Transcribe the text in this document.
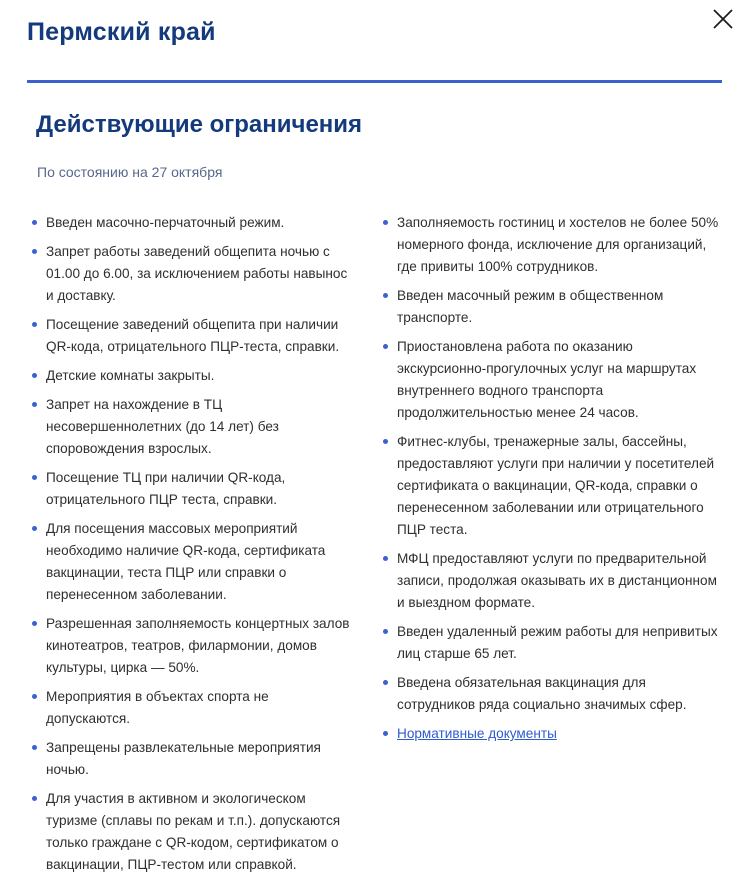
Пермский край
Действующие ограничения
По состоянию на 27 октября
Введен масочно-перчаточный режим.
Запрет работы заведений общепита ночью с 01.00 до 6.00, за исключением работы навынос и доставку.
Посещение заведений общепита при наличии QR-кода, отрицательного ПЦР-теста, справки.
Детские комнаты закрыты.
Запрет на нахождение в ТЦ несовершеннолетних (до 14 лет) без споровождения взрослых.
Посещение ТЦ при наличии QR-кода, отрицательного ПЦР теста, справки.
Для посещения массовых мероприятий необходимо наличие QR-кода, сертификата вакцинации, теста ПЦР или справки о перенесенном заболевании.
Разрешенная заполняемость концертных залов кинотеатров, театров, филармонии, домов культуры, цирка — 50%.
Мероприятия в объектах спорта не допускаются.
Запрещены развлекательные мероприятия ночью.
Для участия в активном и экологическом туризме (сплавы по рекам и т.п.). допускаются только граждане с QR-кодом, сертификатом о вакцинации, ПЦР-тестом или справкой.
Заполняемость гостиниц и хостелов не более 50% номерного фонда, исключение для организаций, где привиты 100% сотрудников.
Введен масочный режим в общественном транспорте.
Приостановлена работа по оказанию экскурсионно-прогулочных услуг на маршрутах внутреннего водного транспорта продолжительностью менее 24 часов.
Фитнес-клубы, тренажерные залы, бассейны, предоставляют услуги при наличии у посетителей сертификата о вакцинации, QR-кода, справки о перенесенном заболевании или отрицательного ПЦР теста.
МФЦ предоставляют услуги по предварительной записи, продолжая оказывать их в дистанционном и выездном формате.
Введен удаленный режим работы для непривитых лиц старше 65 лет.
Введена обязательная вакцинация для сотрудников ряда социально значимых сфер.
Нормативные документы
